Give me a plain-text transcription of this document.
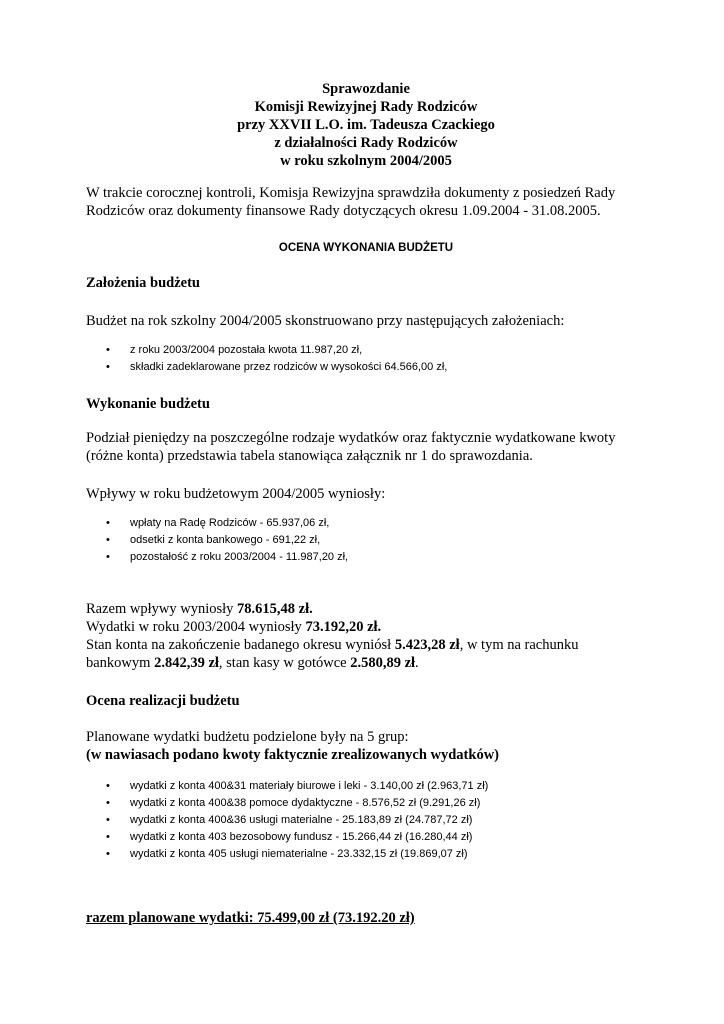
Sprawozdanie
Komisji Rewizyjnej Rady Rodziców
przy XXVII L.O. im. Tadeusza Czackiego
z działalności Rady Rodziców
w roku szkolnym 2004/2005

W trakcie corocznej kontroli, Komisja Rewizyjna sprawdziła dokumenty z posiedzeń Rady

Rodziców oraz dokumenty finansowe Rady dotyczących okresu 1.09.2004 - 31.08.2005.

OCENA WYKONANIA BUDŻETU
Założenia budżetu

Budżet na rok szkolny 2004/2005 skonstruowano przy następujących założeniach:

• z roku 2003/2004 pozostała kwota 11.987,20 zł,
• składki zadeklarowane przez rodziców w wysokości 64.566,00 zł,
Wykonanie budżetu

Podział pieniędzy na poszczególne rodzaje wydatków oraz faktycznie wydatkowane kwoty

(różne konta) przedstawia tabela stanowiąca załącznik nr 1 do sprawozdania.

Wpływy w roku budżetowym 2004/2005 wyniosły:

• wpłaty na Radę Rodziców - 65.937,06 zł,
• odsetki z konta bankowego - 691,22 zł,
• pozostałość z roku 2003/2004 - 11.987,20 zł,

Razem wpływy wyniosły 78.615,48 zł.

Wydatki w roku 2003/2004 wyniosły 73.192,20 zł.

Stan konta na zakończenie badanego okresu wyniósł 5.423,28 zł, w tym na rachunku

bankowym 2.842,39 zł, stan kasy w gotówce 2.580,89 zł.

Ocena realizacji budżetu

Planowane wydatki budżetu podzielone były na 5 grup:

(w nawiasach podano kwoty faktycznie zrealizowanych wydatków)

• wydatki z konta 400&31 materiały biurowe i leki - 3.140,00 zł (2.963,71 zł)
• wydatki z konta 400&38 pomoce dydaktyczne - 8.576,52 zł (9.291,26 zł)
• wydatki z konta 400&36 usługi materialne - 25.183,89 zł (24.787,72 zł)
• wydatki z konta 403 bezosobowy fundusz - 15.266,44 zł (16.280,44 zł)
• wydatki z konta 405 usługi niematerialne - 23.332,15 zł (19.869,07 zł)
razem planowane wydatki: 75.499,00 zł (73.192.20 zł)
